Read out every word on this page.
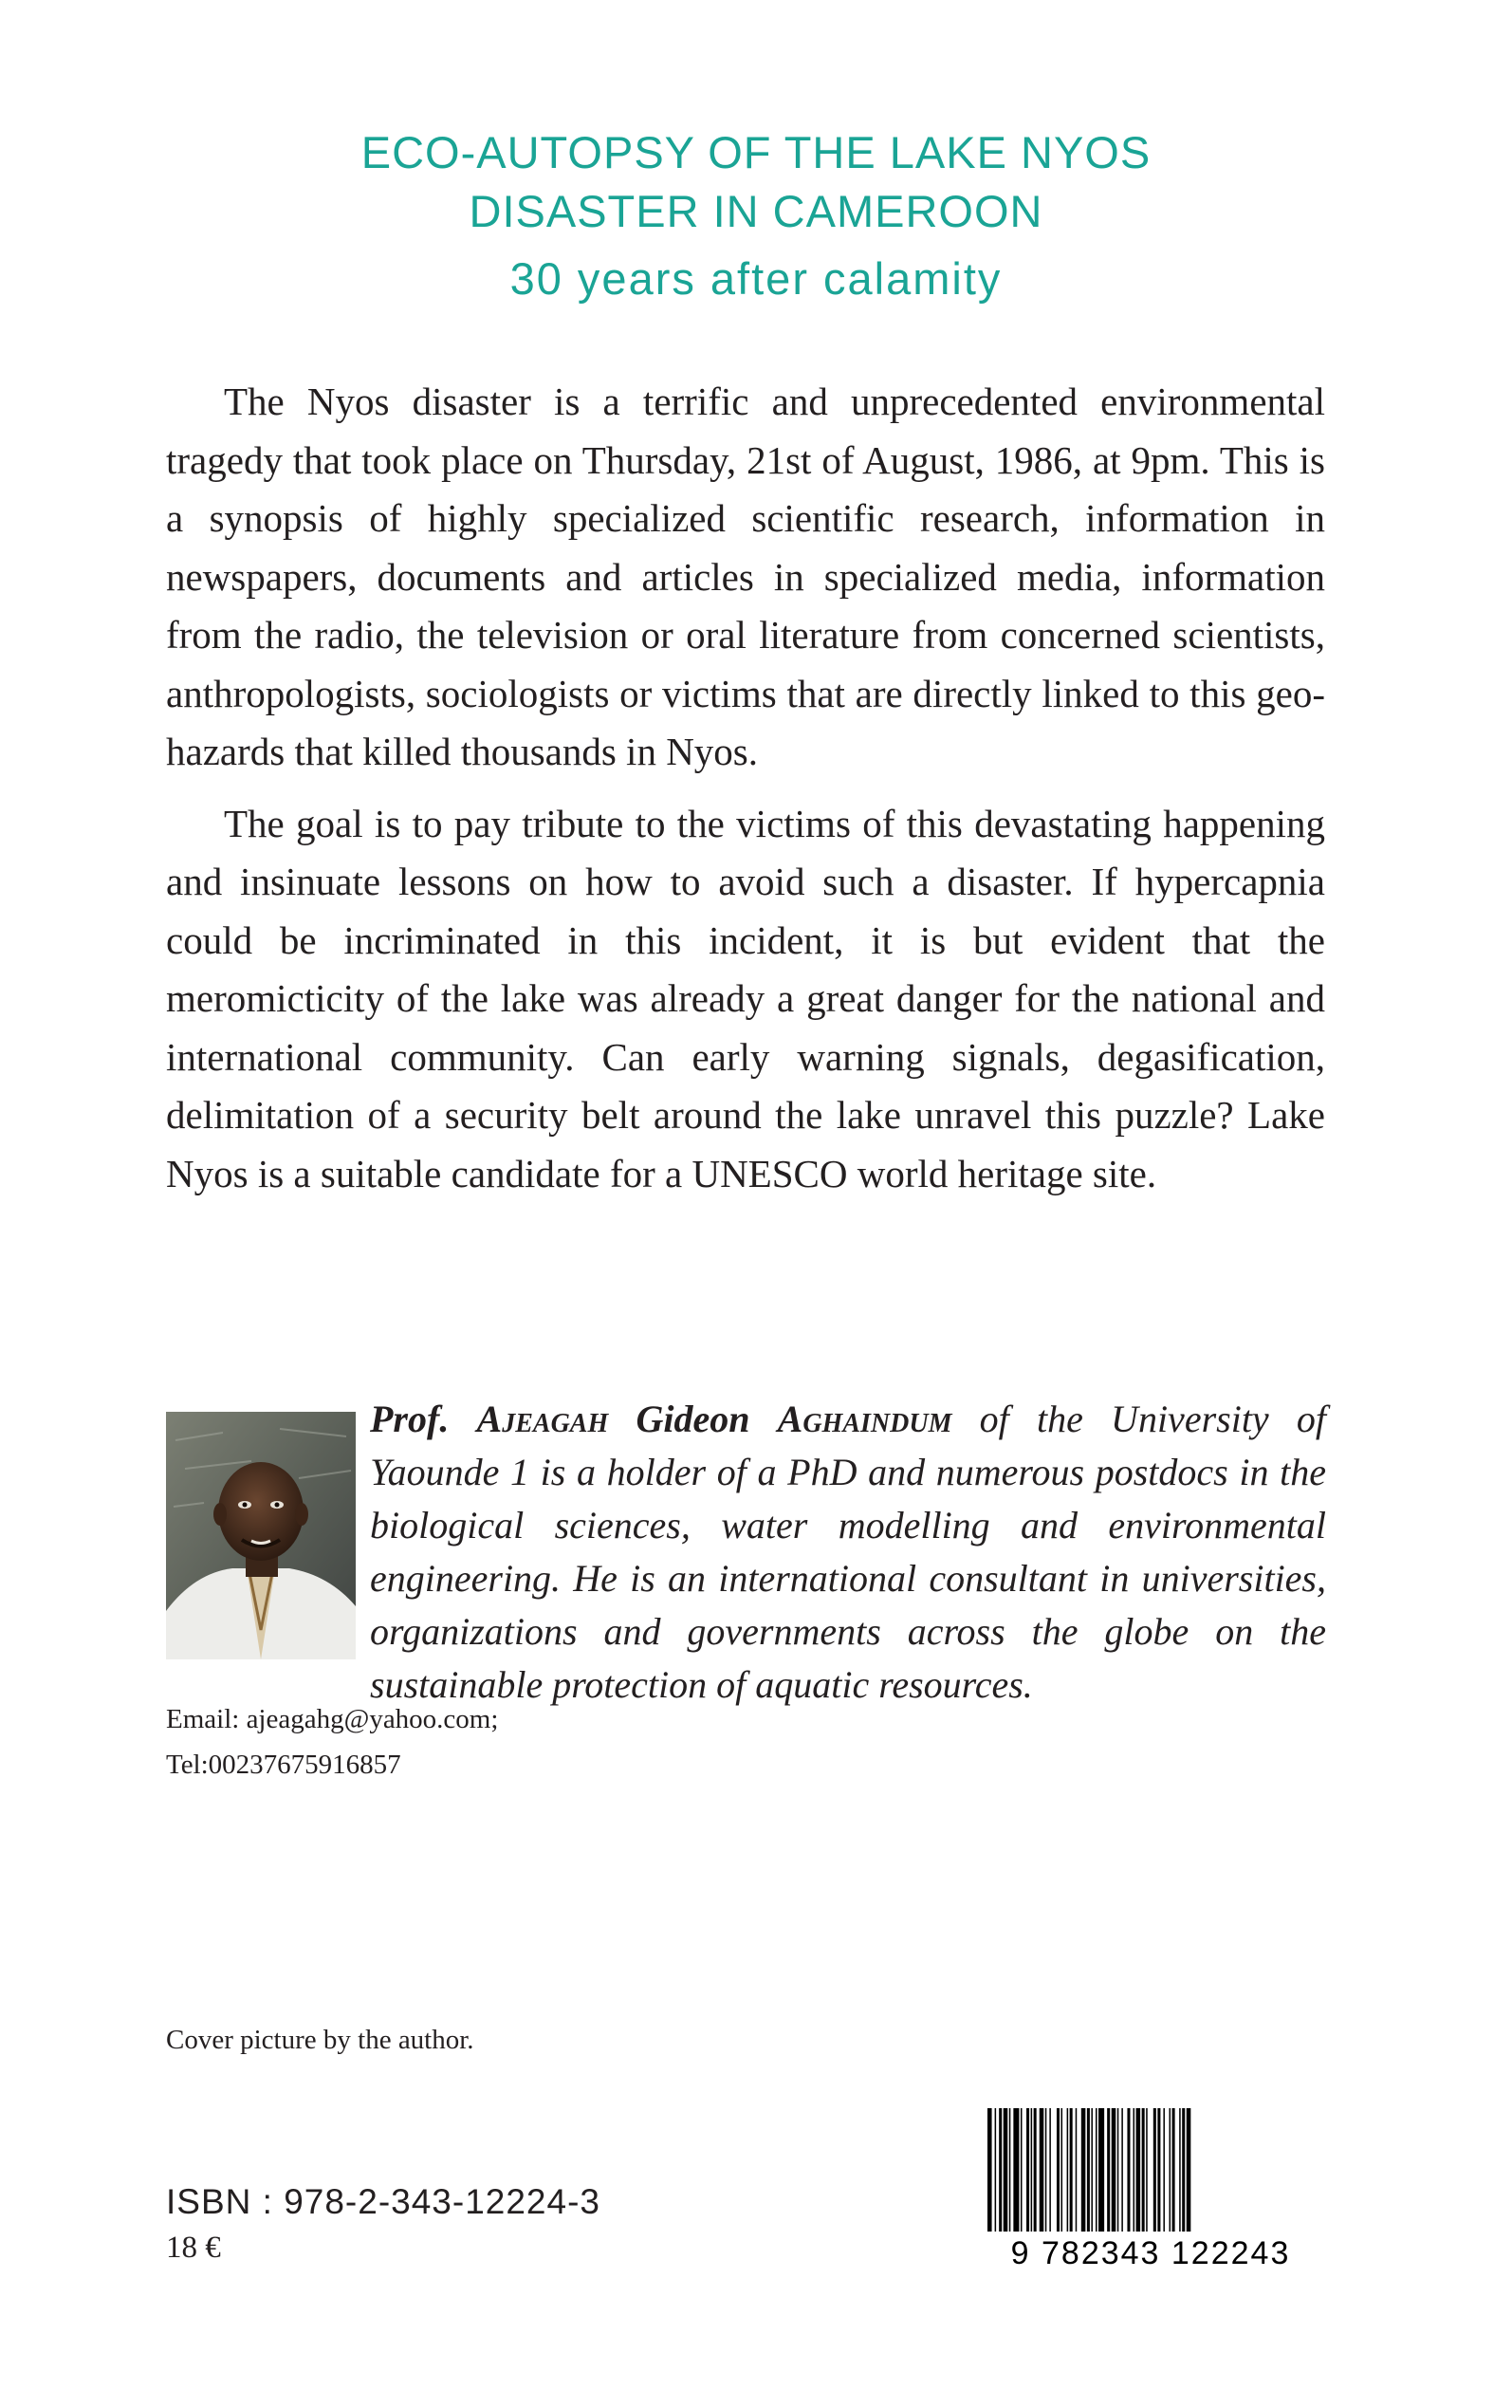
ECO-AUTOPSY OF THE LAKE NYOS
DISASTER IN CAMEROON
30 years after calamity

The Nyos disaster is a terrific and unprecedented environmental tragedy that took place on Thursday, 21st of August, 1986, at 9pm. This is a synopsis of highly specialized scientific research, information in newspapers, documents and articles in specialized media, information from the radio, the television or oral literature from concerned scientists, anthropologists, sociologists or victims that are directly linked to this geo-hazards that killed thousands in Nyos.

The goal is to pay tribute to the victims of this devastating happening and insinuate lessons on how to avoid such a disaster. If hypercapnia could be incriminated in this incident, it is but evident that the meromicticity of the lake was already a great danger for the national and international community. Can early warning signals, degasification, delimitation of a security belt around the lake unravel this puzzle? Lake Nyos is a suitable candidate for a UNESCO world heritage site.

Prof. Ajeagah Gideon Aghaindum of the University of Yaounde 1 is a holder of a PhD and numerous postdocs in the biological sciences, water modelling and environmental engineering. He is an international consultant in universities, organizations and governments across the globe on the sustainable protection of aquatic resources.
Email: ajeagahg@yahoo.com;
Tel:00237675916857
Cover picture by the author.
ISBN : 978-2-343-12224-3
18 €	9 782343 122243
